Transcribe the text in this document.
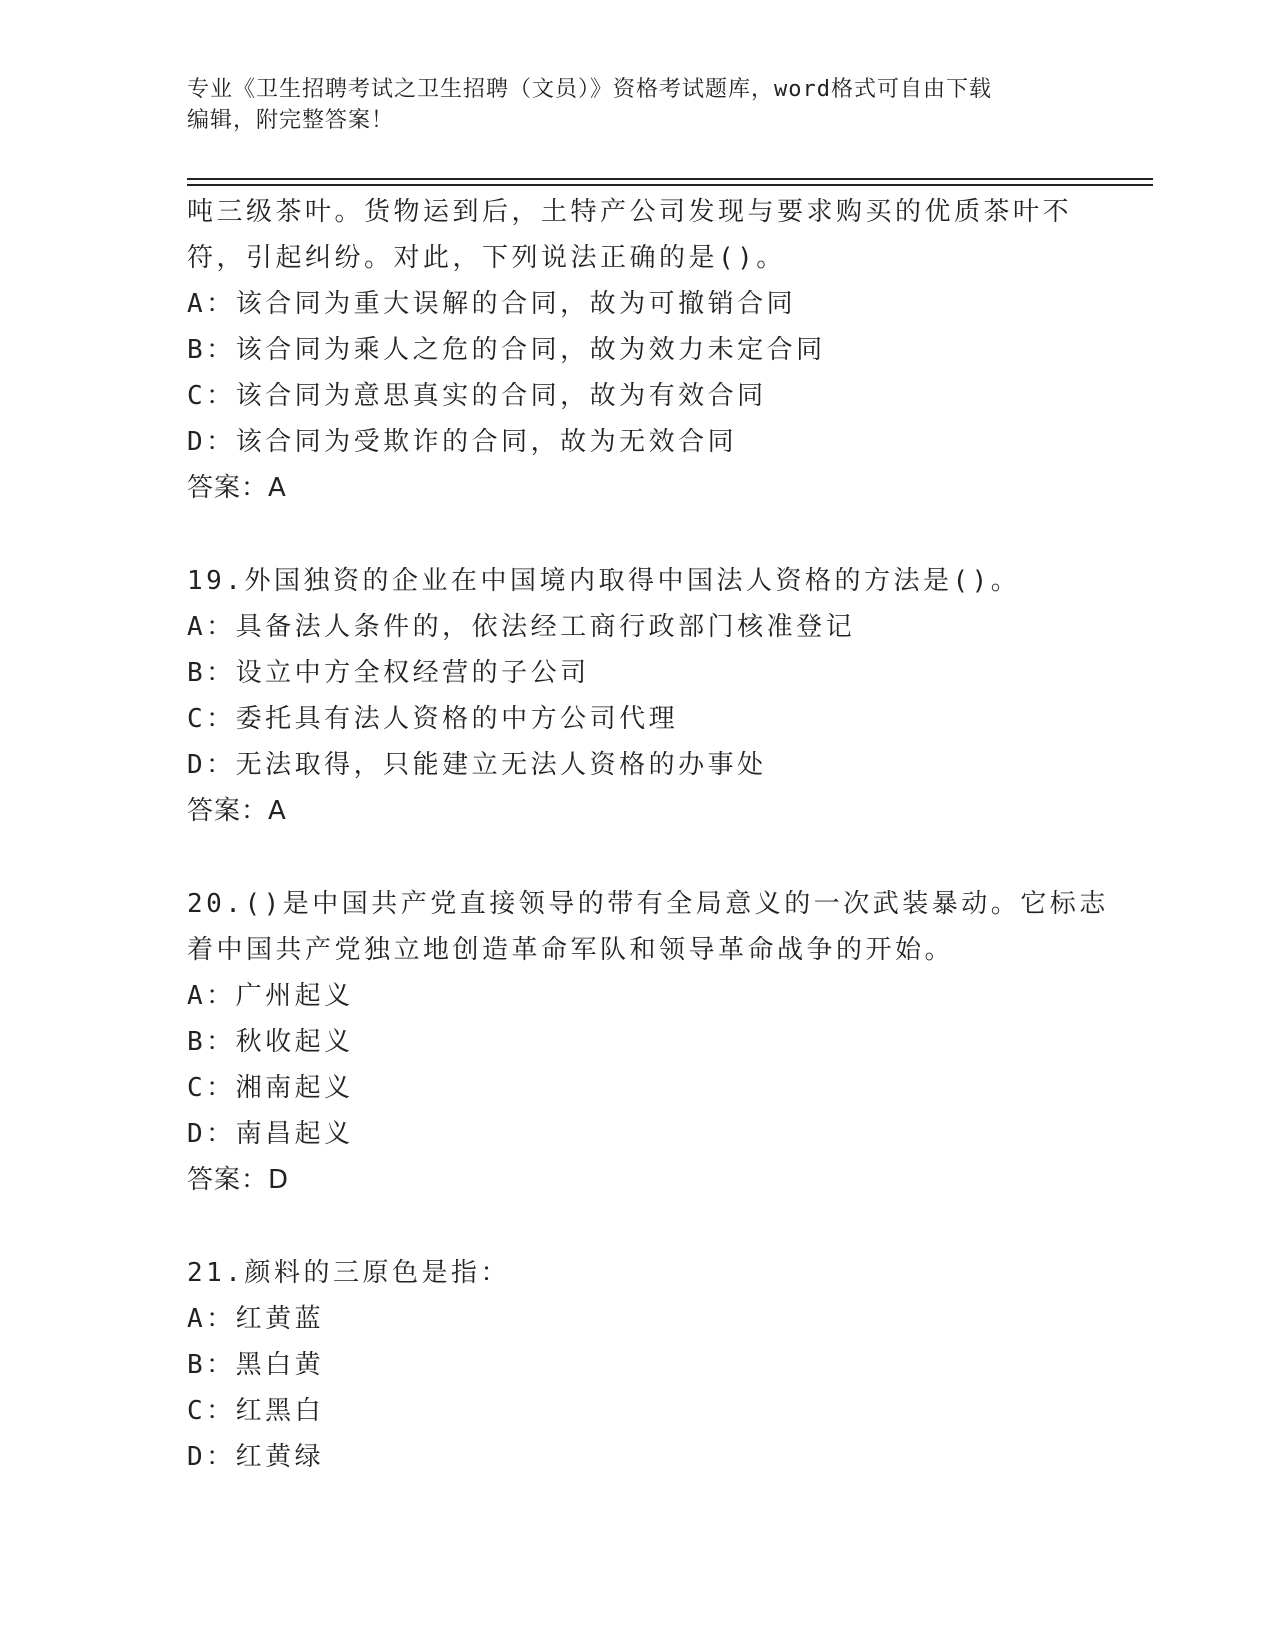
专业《卫生招聘考试之卫生招聘（文员）》资格考试题库，word格式可自由下载
编辑，附完整答案！
吨三级茶叶。货物运到后，土特产公司发现与要求购买的优质茶叶不
符，引起纠纷。对此，下列说法正确的是()。
A：该合同为重大误解的合同，故为可撤销合同
B：该合同为乘人之危的合同，故为效力未定合同
C：该合同为意思真实的合同，故为有效合同
D：该合同为受欺诈的合同，故为无效合同
答案：A
19.外国独资的企业在中国境内取得中国法人资格的方法是()。
A：具备法人条件的，依法经工商行政部门核准登记
B：设立中方全权经营的子公司
C：委托具有法人资格的中方公司代理
D：无法取得，只能建立无法人资格的办事处
答案：A
20.()是中国共产党直接领导的带有全局意义的一次武装暴动。它标志
着中国共产党独立地创造革命军队和领导革命战争的开始。
A：广州起义
B：秋收起义
C：湘南起义
D：南昌起义
答案：D
21.颜料的三原色是指：
A：红黄蓝
B：黑白黄
C：红黑白
D：红黄绿
